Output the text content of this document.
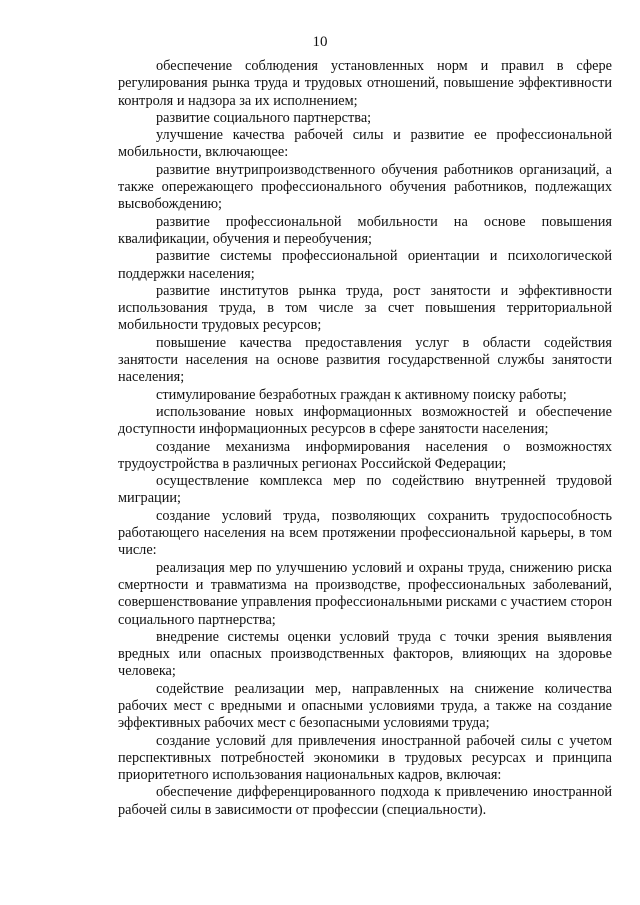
10

обеспечение соблюдения установленных норм и правил в сфере регулирования рынка труда и трудовых отношений, повышение эффективности контроля и надзора за их исполнением;

развитие социального партнерства;

улучшение качества рабочей силы и развитие ее профессиональной мобильности, включающее:

развитие внутрипроизводственного обучения работников организаций, а также опережающего профессионального обучения работников, подлежащих высвобождению;

развитие профессиональной мобильности на основе повышения квалификации, обучения и переобучения;

развитие системы профессиональной ориентации и психологической поддержки населения;

развитие институтов рынка труда, рост занятости и эффективности использования труда, в том числе за счет повышения территориальной мобильности трудовых ресурсов;

повышение качества предоставления услуг в области содействия занятости населения на основе развития государственной службы занятости населения;

стимулирование безработных граждан к активному поиску работы;

использование новых информационных возможностей и обеспечение доступности информационных ресурсов в сфере занятости населения;

создание механизма информирования населения о возможностях трудоустройства в различных регионах Российской Федерации;

осуществление комплекса мер по содействию внутренней трудовой миграции;

создание условий труда, позволяющих сохранить трудоспособность работающего населения на всем протяжении профессиональной карьеры, в том числе:

реализация мер по улучшению условий и охраны труда, снижению риска смертности и травматизма на производстве, профессиональных заболеваний, совершенствование управления профессиональными рисками с участием сторон социального партнерства;

внедрение системы оценки условий труда с точки зрения выявления вредных или опасных производственных факторов, влияющих на здоровье человека;

содействие реализации мер, направленных на снижение количества рабочих мест с вредными и опасными условиями труда, а также на создание эффективных рабочих мест с безопасными условиями труда;

создание условий для привлечения иностранной рабочей силы с учетом перспективных потребностей экономики в трудовых ресурсах и принципа приоритетного использования национальных кадров, включая:

обеспечение дифференцированного подхода к привлечению иностранной рабочей силы в зависимости от профессии (специальности).
